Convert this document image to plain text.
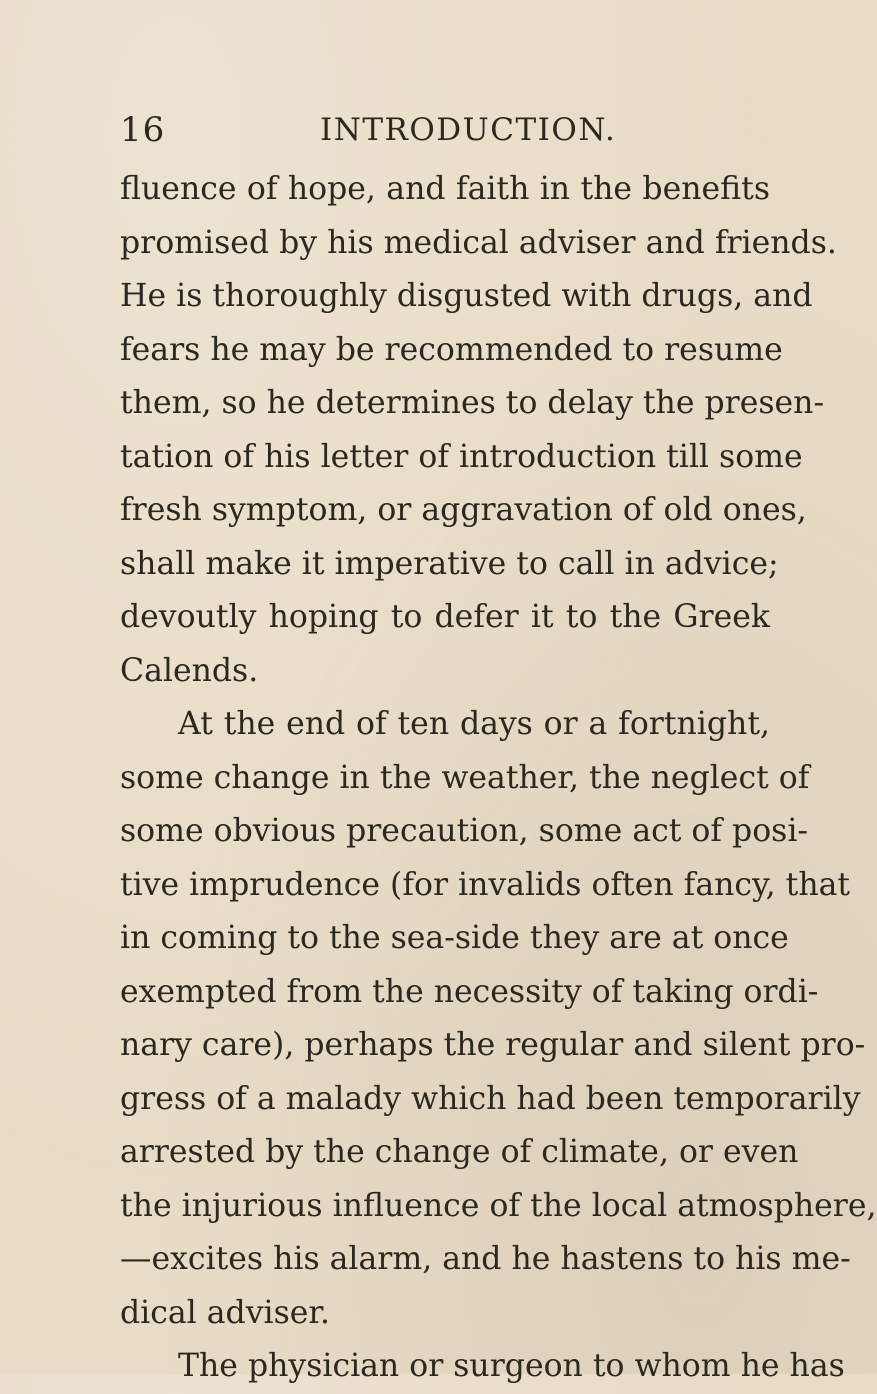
16	INTRODUCTION.
fluence of hope, and faith in the benefits
promised by his medical adviser and friends.
He is thoroughly disgusted with drugs, and
fears he may be recommended to resume
them, so he determines to delay the presen-
tation of his letter of introduction till some
fresh symptom, or aggravation of old ones,
shall make it imperative to call in advice;
devoutly hoping to defer it to the Greek
Calends.
At the end of ten days or a fortnight,
some change in the weather, the neglect of
some obvious precaution, some act of posi-
tive imprudence (for invalids often fancy, that
in coming to the sea-side they are at once
exempted from the necessity of taking ordi-
nary care), perhaps the regular and silent pro-
gress of a malady which had been temporarily
arrested by the change of climate, or even
the injurious influence of the local atmosphere,
—excites his alarm, and he hastens to his me-
dical adviser.
The physician or surgeon to whom he has
